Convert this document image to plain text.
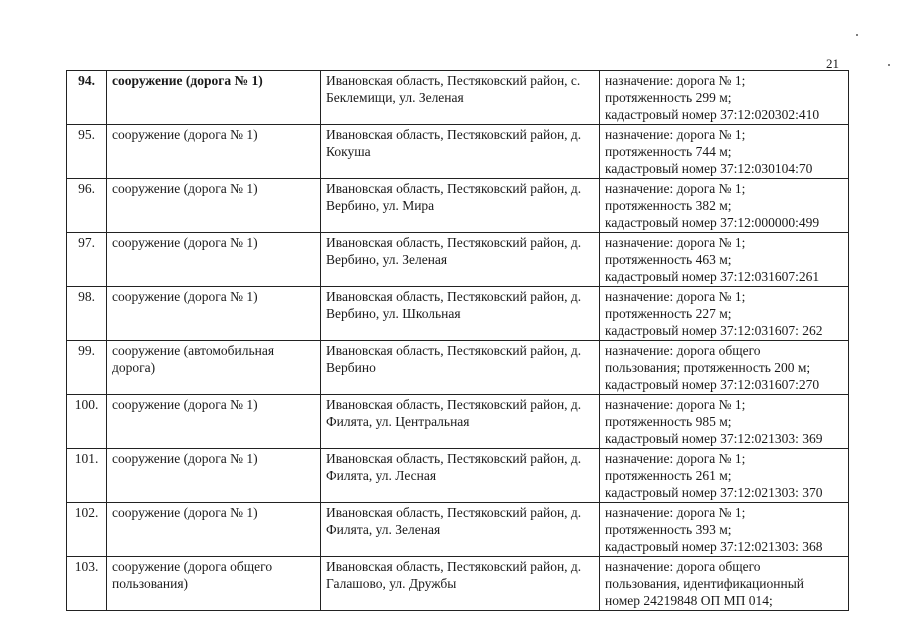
21
94.	сооружение (дорога № 1)	Ивановская область, Пестяковский район, с. Беклемищи, ул. Зеленая	назначение: дорога № 1;
протяженность 299 м;
кадастровый номер 37:12:020302:410

95.	сооружение (дорога № 1)	Ивановская область, Пестяковский район, д. Кокуша	назначение: дорога № 1;
протяженность 744 м;
кадастровый номер 37:12:030104:70

96.	сооружение (дорога № 1)	Ивановская область, Пестяковский район, д. Вербино, ул. Мира	назначение: дорога № 1;
протяженность 382 м;
кадастровый номер 37:12:000000:499

97.	сооружение (дорога № 1)	Ивановская область, Пестяковский район, д. Вербино, ул. Зеленая	назначение: дорога № 1;
протяженность 463 м;
кадастровый номер 37:12:031607:261

98.	сооружение (дорога № 1)	Ивановская область, Пестяковский район, д. Вербино, ул. Школьная	назначение: дорога № 1;
протяженность 227 м;
кадастровый номер 37:12:031607: 262

99.	сооружение (автомобильная дорога)	Ивановская область, Пестяковский район, д. Вербино	назначение: дорога общего
пользования; протяженность 200 м;
кадастровый номер 37:12:031607:270

100.	сооружение (дорога № 1)	Ивановская область, Пестяковский район, д. Филята, ул. Центральная	назначение: дорога № 1;
протяженность 985 м;
кадастровый номер 37:12:021303: 369

101.	сооружение (дорога № 1)	Ивановская область, Пестяковский район, д. Филята, ул. Лесная	назначение: дорога № 1;
протяженность 261 м;
кадастровый номер 37:12:021303: 370

102.	сооружение (дорога № 1)	Ивановская область, Пестяковский район, д. Филята, ул. Зеленая	назначение: дорога № 1;
протяженность 393 м;
кадастровый номер 37:12:021303: 368

103.	сооружение (дорога общего пользования)	Ивановская область, Пестяковский район, д. Галашово, ул. Дружбы	назначение: дорога общего
пользования, идентификационный
номер 24219848 ОП МП 014;
